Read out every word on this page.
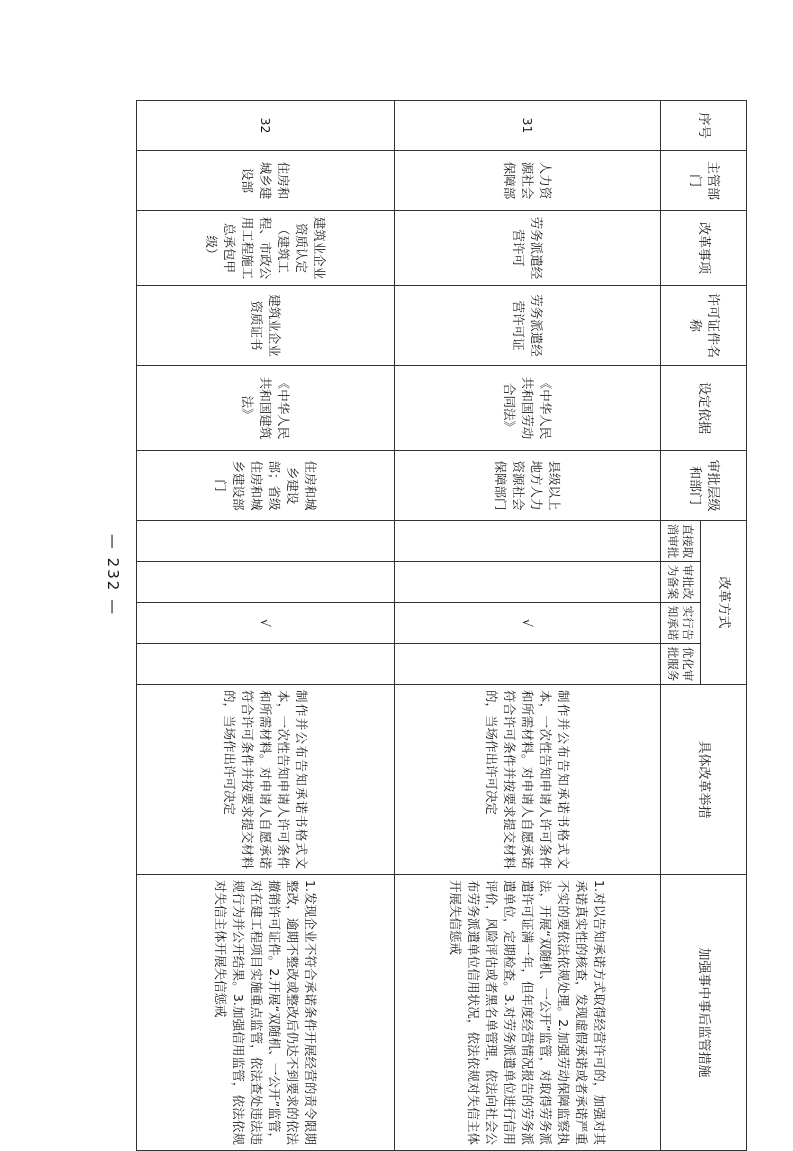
序号	主管部门	改革事项	许可证件名称	设定依据	审批层级和部门	改革方式				具体改革举措	加强事中事后监管措施
						直接取消审批	审批改为备案	实行告知承诺	优化审批服务		
31	人力资源社会保障部	劳务派遣经营许可	劳务派遣经营许可证	《中华人民共和国劳动合同法》	县级以上地方人力资源社会保障部门			√		制作并公布告知承诺书格式文本，一次性告知申请人许可条件和所需材料。对申请人自愿承诺符合许可条件并按要求提交材料的，当场作出许可决定	1.对以告知承诺方式取得经营许可的，加强对其承诺真实性的核查，发现虚假承诺或者承诺严重不实的要依法依规处理。2.加强劳动保障监察执法，开展“双随机、一公开”监管，对取得劳务派遣许可证满一年，但年度经营情况报告的劳务派遣单位，定期检查。3.对劳务派遣单位进行信用评价，风险评估或者黑名单管理，依法向社会公布劳务派遣单位信用状况，依法依规对失信主体开展失信惩戒
32	住房和城乡建设部	建筑业企业资质认定（建筑工程、市政公用工程施工总承包甲级）	建筑业企业资质证书	《中华人民共和国建筑法》	住房和城乡建设部；省级住房和城乡建设部门			√		制作并公布告知承诺书格式文本，一次性告知申请人许可条件和所需材料。对申请人自愿承诺符合许可条件并按要求提交材料的，当场作出许可决定	1.发现企业不符合承诺条件开展经营的责令限期整改，逾期不整改或整改后仍达不到要求的依法撤销许可证件。2.开展“双随机、一公开”监管，对在建工程项目实施重点监管，依法查处违法违规行为并公开结果。3.加强信用监管，依法依规对失信主体开展失信惩戒
— 232 —
